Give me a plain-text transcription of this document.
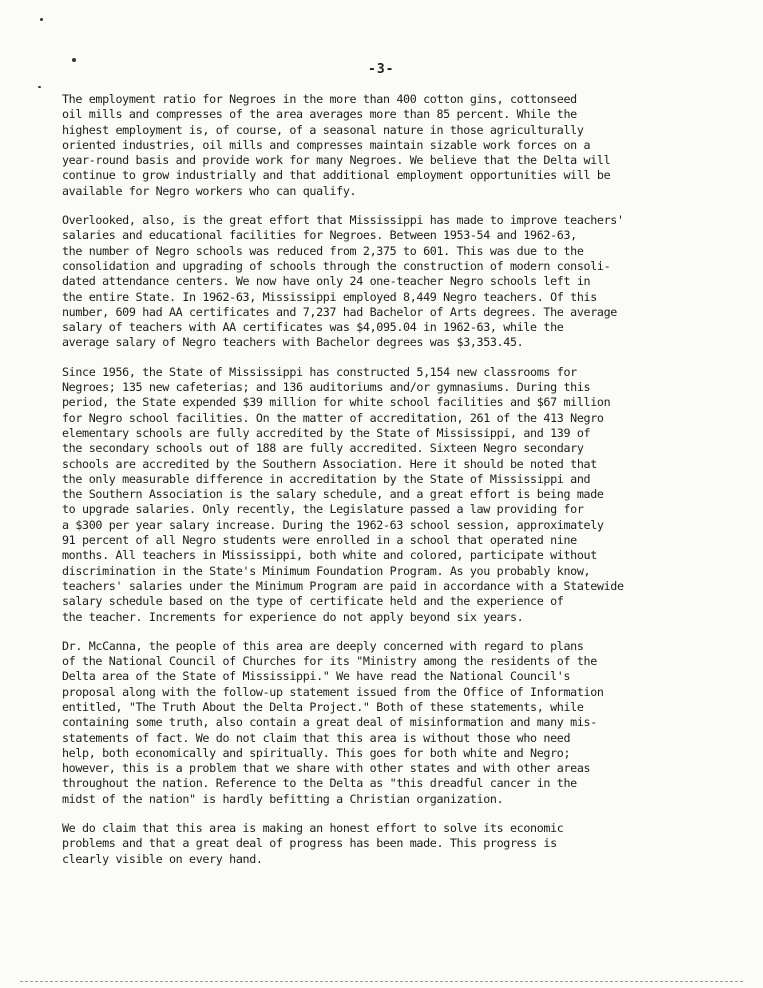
-3-

The employment ratio for Negroes in the more than 400 cotton gins, cottonseed
oil mills and compresses of the area averages more than 85 percent. While the
highest employment is, of course, of a seasonal nature in those agriculturally
oriented industries, oil mills and compresses maintain sizable work forces on a
year-round basis and provide work for many Negroes. We believe that the Delta will
continue to grow industrially and that additional employment opportunities will be
available for Negro workers who can qualify.

Overlooked, also, is the great effort that Mississippi has made to improve teachers'
salaries and educational facilities for Negroes. Between 1953-54 and 1962-63,
the number of Negro schools was reduced from 2,375 to 601. This was due to the
consolidation and upgrading of schools through the construction of modern consoli-
dated attendance centers. We now have only 24 one-teacher Negro schools left in
the entire State. In 1962-63, Mississippi employed 8,449 Negro teachers. Of this
number, 609 had AA certificates and 7,237 had Bachelor of Arts degrees. The average
salary of teachers with AA certificates was $4,095.04 in 1962-63, while the
average salary of Negro teachers with Bachelor degrees was $3,353.45.

Since 1956, the State of Mississippi has constructed 5,154 new classrooms for
Negroes; 135 new cafeterias; and 136 auditoriums and/or gymnasiums. During this
period, the State expended $39 million for white school facilities and $67 million
for Negro school facilities. On the matter of accreditation, 261 of the 413 Negro
elementary schools are fully accredited by the State of Mississippi, and 139 of
the secondary schools out of 188 are fully accredited. Sixteen Negro secondary
schools are accredited by the Southern Association. Here it should be noted that
the only measurable difference in accreditation by the State of Mississippi and
the Southern Association is the salary schedule, and a great effort is being made
to upgrade salaries. Only recently, the Legislature passed a law providing for
a $300 per year salary increase. During the 1962-63 school session, approximately
91 percent of all Negro students were enrolled in a school that operated nine
months. All teachers in Mississippi, both white and colored, participate without
discrimination in the State's Minimum Foundation Program. As you probably know,
teachers' salaries under the Minimum Program are paid in accordance with a Statewide
salary schedule based on the type of certificate held and the experience of
the teacher. Increments for experience do not apply beyond six years.

Dr. McCanna, the people of this area are deeply concerned with regard to plans
of the National Council of Churches for its "Ministry among the residents of the
Delta area of the State of Mississippi." We have read the National Council's
proposal along with the follow-up statement issued from the Office of Information
entitled, "The Truth About the Delta Project." Both of these statements, while
containing some truth, also contain a great deal of misinformation and many mis-
statements of fact. We do not claim that this area is without those who need
help, both economically and spiritually. This goes for both white and Negro;
however, this is a problem that we share with other states and with other areas
throughout the nation. Reference to the Delta as "this dreadful cancer in the
midst of the nation" is hardly befitting a Christian organization.

We do claim that this area is making an honest effort to solve its economic
problems and that a great deal of progress has been made. This progress is
clearly visible on every hand.
